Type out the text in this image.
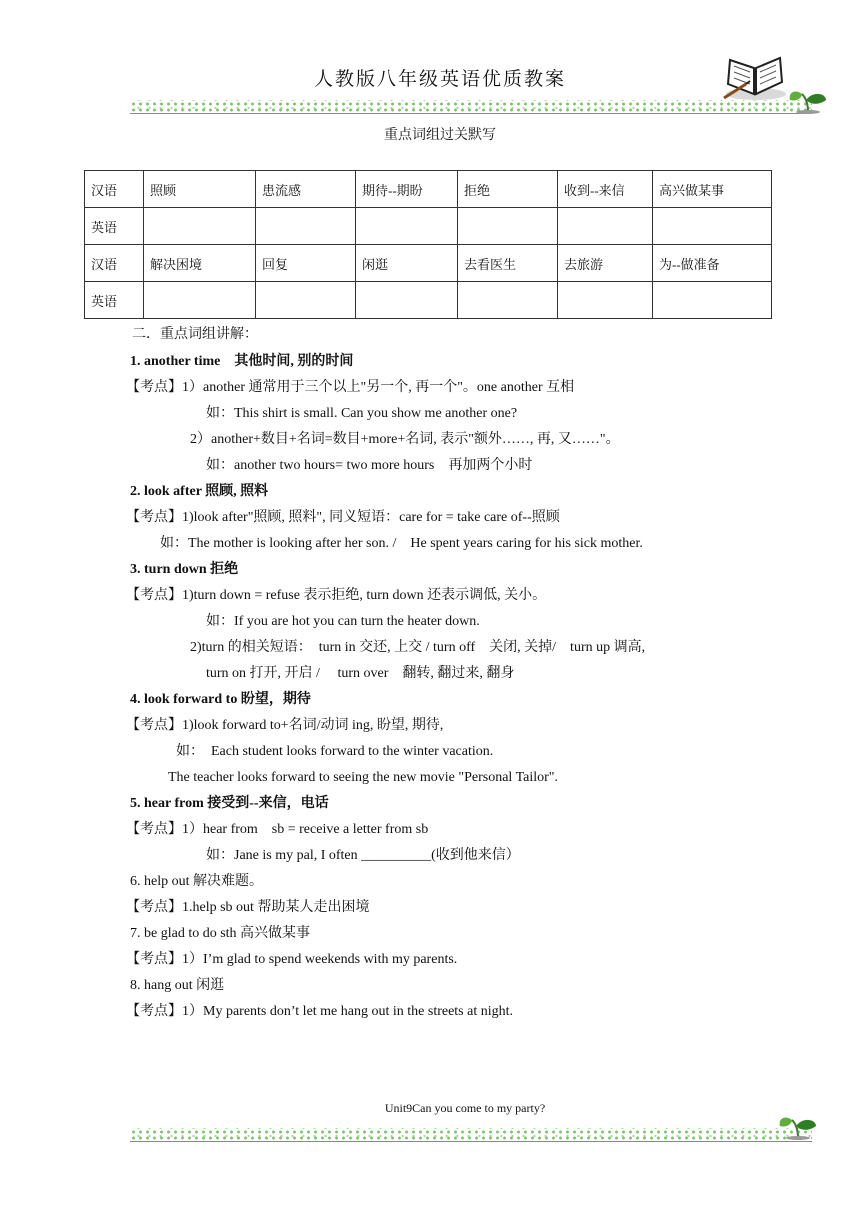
人教版八年级英语优质教案
重点词组过关默写
汉语	照顾	患流感	期待--期盼	拒绝	收到--来信	高兴做某事
英语						
汉语	解决困境	回复	闲逛	去看医生	去旅游	为--做准备
英语						
二．重点词组讲解：
1. another time　其他时间, 别的时间
【考点】1）another 通常用于三个以上"另一个, 再一个"。one another 互相
如：This shirt is small. Can you show me another one?
2）another+数目+名词=数目+more+名词, 表示"额外……, 再, 又……"。
如：another two hours= two more hours　再加两个小时
2. look after 照顾, 照料
【考点】1)look after"照顾, 照料", 同义短语：care for = take care of--照顾
如：The mother is looking after her son. /　He spent years caring for his sick mother.
3. turn down 拒绝
【考点】1)turn down = refuse 表示拒绝, turn down 还表示调低, 关小。
如：If you are hot you can turn the heater down.
2)turn 的相关短语：　turn in 交还, 上交 / turn off　关闭, 关掉/　turn up 调高,
turn on 打开, 开启 /　 turn over　翻转, 翻过来, 翻身
4. look forward to 盼望，期待
【考点】1)look forward to+名词/动词 ing, 盼望, 期待,
如：　Each student looks forward to the winter vacation.
The teacher looks forward to seeing the new movie "Personal Tailor".
5. hear from 接受到--来信，电话
【考点】1）hear from　sb = receive a letter from sb
如：Jane is my pal, I often __________(收到他来信）
6. help out 解决难题。
【考点】1.help sb out 帮助某人走出困境
7. be glad to do sth 高兴做某事
【考点】1）I’m glad to spend weekends with my parents.
8. hang out 闲逛
【考点】1）My parents don’t let me hang out in the streets at night.
Unit9Can you come to my party?
